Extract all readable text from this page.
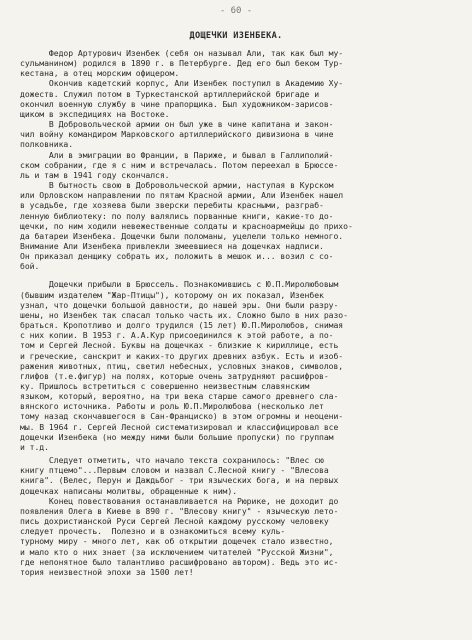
- 60 -
ДОЩЕЧКИ ИЗЕНБЕКА.
Федор Артурович Изенбек (себя он называл Али, так как был му-
сульманином) родился в 1890 г. в Петербурге. Дед его был беком Тур-
кестана, а отец морским офицером.
Окончив кадетский корпус, Али Изенбек поступил в Академию Ху-
дожеств. Служил потом в Туркестанской артиллерийской бригаде и
окончил военную службу в чине прапорщика. Был художником-зарисов-
щиком в экспедициях на Востоке.
В Добровольческой армии он был уже в чине капитана и закон-
чил войну командиром Марковского артиллерийского дивизиона в чине
полковника.
Али в эмиграции во Франции, в Париже, и бывал в Галлиполий-
ском собрании, где я с ним и встречалась. Потом переехал в Брюссе-
ль и там в 1941 году скончался.
В бытность свою в Добровольческой армии, наступая в Курском
или Орловском направлении по пятам Красной армии, Али Изенбек нашел
в усадьбе, где хозяева были зверски перебиты красными, разграб-
ленную библиотеку: по полу валялись порванные книги, какие-то до-
щечки, по ним ходили невежественные солдаты и красноармейцы до прихо-
да батареи Изенбека. Дощечки были поломаны, уцелели только немного.
Внимание Али Изенбека привлекли змеевшиеся на дощечках надписи.
Он приказал денщику собрать их, положить в мешок и... возил с со-
бой.
Дощечки прибыли в Брюссель. Познакомившись с Ю.П.Миролюбовым
(бывшим издателем "Жар-Птицы"), которому он их показал, Изенбек
узнал, что дощечки большой давности, до нашей эры. Они были разру-
шены, но Изенбек так спасал только часть их. Сложно было в них разо-
браться. Кропотливо и долго трудился (15 лет) Ю.П.Миролюбов, снимая
с них копии. В 1953 г. А.А.Кур присоединился к этой работе, а по-
том и Сергей Лесной. Буквы на дощечках - близкие к кириллице, есть
и греческие, санскрит и каких-то других древних азбук. Есть и изоб-
ражения животных, птиц, светил небесных, условных знаков, символов,
глифов (т.е.фигур) на полях, которые очень затрудняют расшифров-
ку. Пришлось встретиться с совершенно неизвестным славянским
языком, который, вероятно, на три века старше самого древнего сла-
вянского источника. Работы и роль Ю.П.Миролюбова (несколько лет
тому назад скончавшегося в Сан-Франциско) в этом огромны и неоцени-
мы. В 1964 г. Сергей Лесной систематизировал и классифицировал все
дощечки Изенбека (но между ними были большие пропуски) по группам
и т.д.
Следует отметить, что начало текста сохранилось: "Влес сю
книгу птцемо"...Первым словом и назвал С.Лесной книгу - "Влесова
книга". (Велес, Перун и Даждьбог - три языческих бога, и на первых
дощечках написаны молитвы, обращенные к ним).
Конец повествования останавливается на Рюрике, не доходит до
появления Олега в Киеве в 890 г. "Влесову книгу" - языческую лето-
пись дохристианской Руси Сергей Лесной каждому русскому человеку
следует прочесть.  Полезно и в ознакомиться всему куль-
турному миру - много лет, как об открытии дощечек стало известно,
и мало кто о них знает (за исключением читателей "Русской Жизни",
где непонятное было талантливо расшифровано автором). Ведь это ис-
тория неизвестной эпохи за 1500 лет!
